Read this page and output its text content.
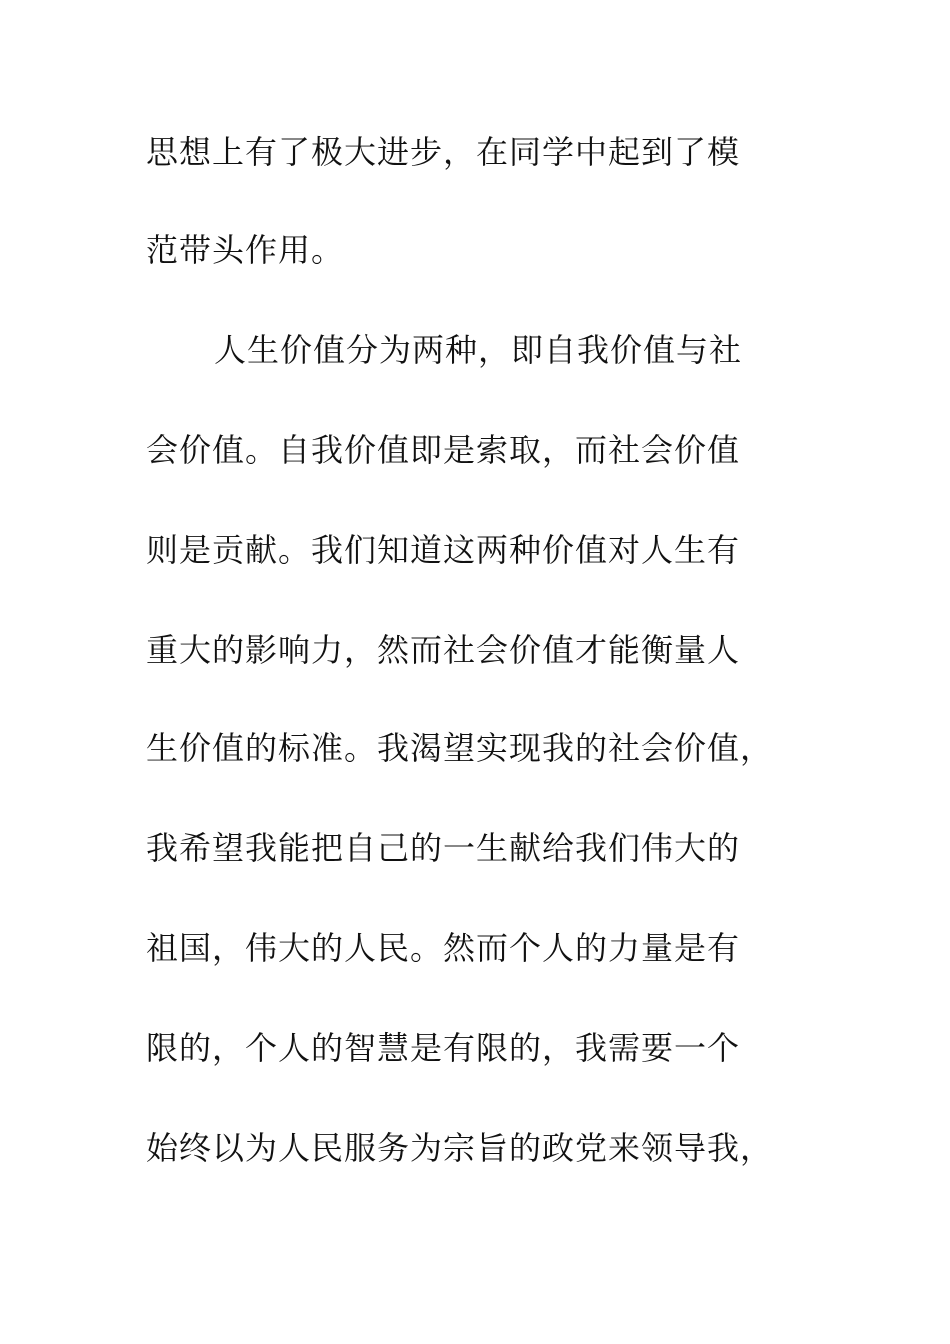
思想上有了极大进步，在同学中起到了模
范带头作用。
人生价值分为两种，即自我价值与社
会价值。自我价值即是索取，而社会价值
则是贡献。我们知道这两种价值对人生有
重大的影响力，然而社会价值才能衡量人
生价值的标准。我渴望实现我的社会价值，
我希望我能把自己的一生献给我们伟大的
祖国，伟大的人民。然而个人的力量是有
限的，个人的智慧是有限的，我需要一个
始终以为人民服务为宗旨的政党来领导我，
